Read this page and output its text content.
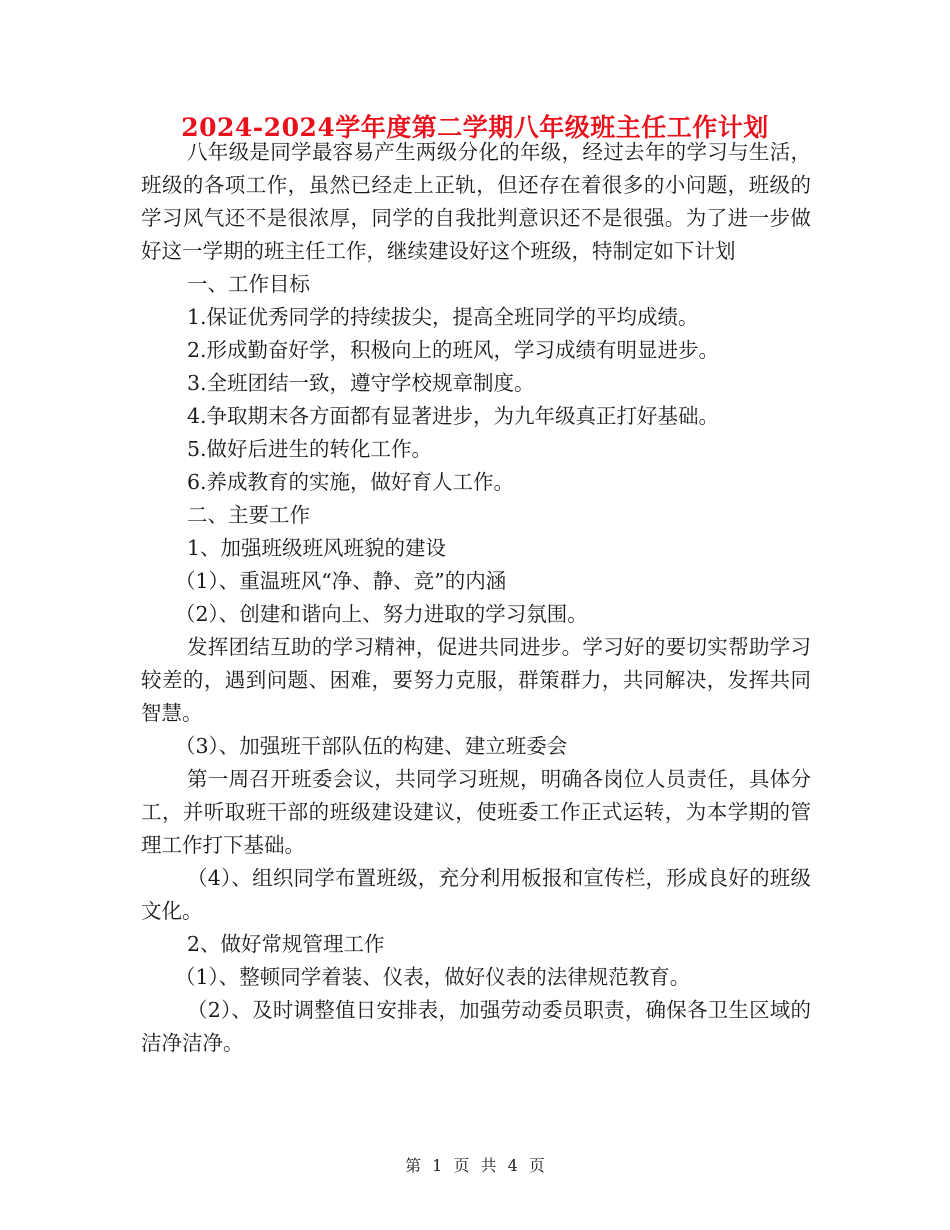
2024-2024学年度第二学期八年级班主任工作计划

八年级是同学最容易产生两级分化的年级，经过去年的学习与生活，班级的各项工作，虽然已经走上正轨，但还存在着很多的小问题，班级的学习风气还不是很浓厚，同学的自我批判意识还不是很强。为了进一步做好这一学期的班主任工作，继续建设好这个班级，特制定如下计划

一、工作目标

1.保证优秀同学的持续拔尖，提高全班同学的平均成绩。

2.形成勤奋好学，积极向上的班风，学习成绩有明显进步。

3.全班团结一致，遵守学校规章制度。

4.争取期末各方面都有显著进步，为九年级真正打好基础。

5.做好后进生的转化工作。

6.养成教育的实施，做好育人工作。

二、主要工作

1、加强班级班风班貌的建设

（1）、重温班风“净、静、竞”的内涵

（2）、创建和谐向上、努力进取的学习氛围。

发挥团结互助的学习精神，促进共同进步。学习好的要切实帮助学习较差的，遇到问题、困难，要努力克服，群策群力，共同解决，发挥共同智慧。

（3）、加强班干部队伍的构建、建立班委会

第一周召开班委会议，共同学习班规，明确各岗位人员责任，具体分工，并听取班干部的班级建设建议，使班委工作正式运转，为本学期的管理工作打下基础。

（4）、组织同学布置班级，充分利用板报和宣传栏，形成良好的班级文化。

2、做好常规管理工作

（1）、整顿同学着装、仪表，做好仪表的法律规范教育。

（2）、及时调整值日安排表，加强劳动委员职责，确保各卫生区域的洁净洁净。

第 1 页 共 4 页
